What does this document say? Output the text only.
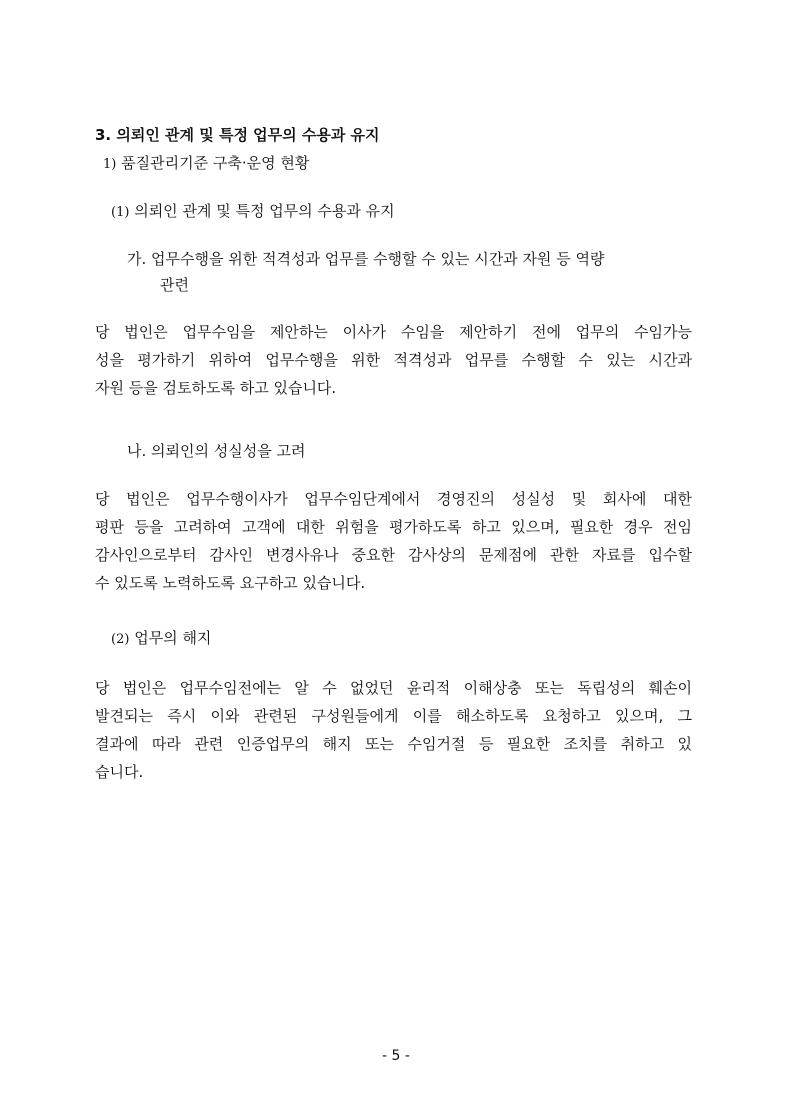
3. 의뢰인 관계 및 특정 업무의 수용과 유지
1) 품질관리기준 구축·운영 현황
(1) 의뢰인 관계 및 특정 업무의 수용과 유지
가. 업무수행을 위한 적격성과 업무를 수행할 수 있는 시간과 자원 등 역량
관련
당 법인은 업무수임을 제안하는 이사가 수임을 제안하기 전에 업무의 수임가능
성을 평가하기 위하여 업무수행을 위한 적격성과 업무를 수행할 수 있는 시간과
자원 등을 검토하도록 하고 있습니다.
나. 의뢰인의 성실성을 고려
당 법인은 업무수행이사가 업무수임단계에서 경영진의 성실성 및 회사에 대한
평판 등을 고려하여 고객에 대한 위험을 평가하도록 하고 있으며, 필요한 경우 전임
감사인으로부터 감사인 변경사유나 중요한 감사상의 문제점에 관한 자료를 입수할
수 있도록 노력하도록 요구하고 있습니다.
(2) 업무의 해지
당 법인은 업무수임전에는 알 수 없었던 윤리적 이해상충 또는 독립성의 훼손이
발견되는 즉시 이와 관련된 구성원들에게 이를 해소하도록 요청하고 있으며, 그
결과에 따라 관련 인증업무의 해지 또는 수임거절 등 필요한 조치를 취하고 있
습니다.
- 5 -
